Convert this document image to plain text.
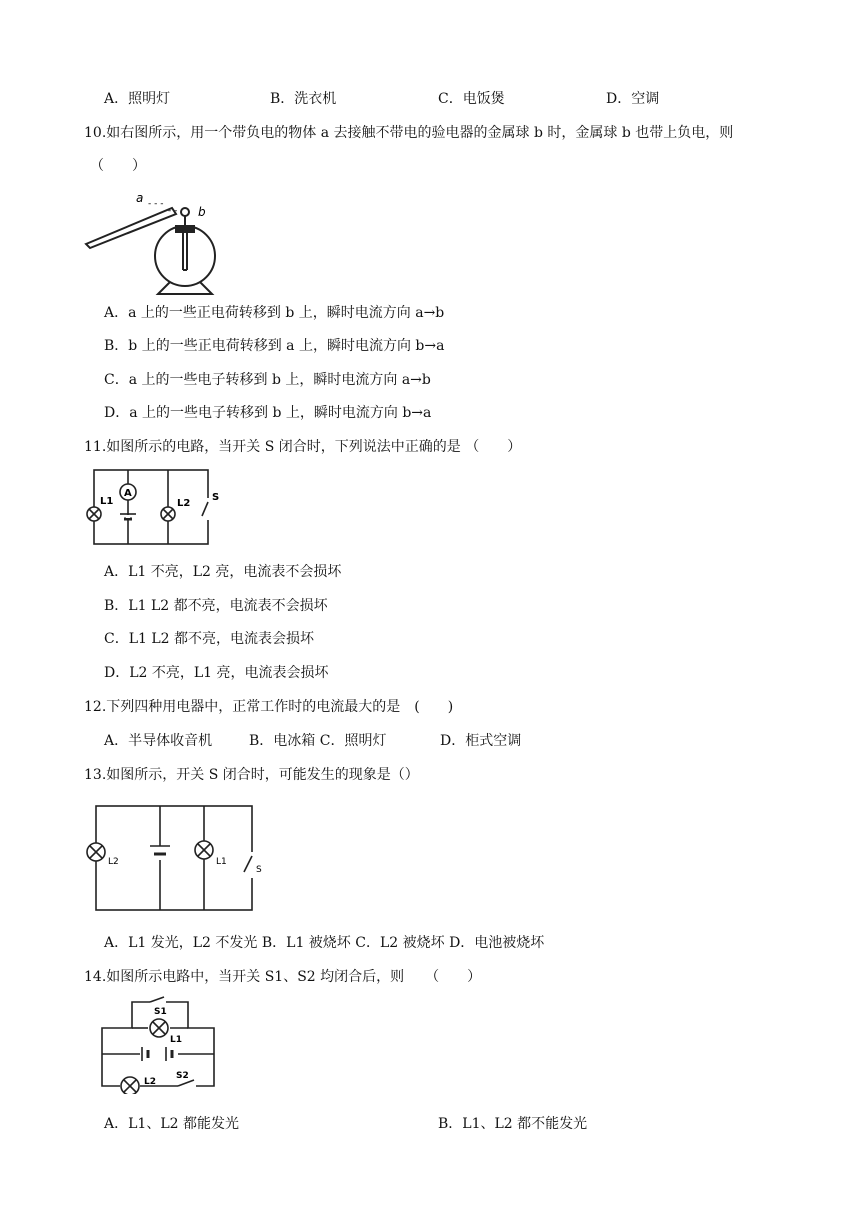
A．照明灯	B．洗衣机	C．电饭煲	D．空调
10.如右图所示，用一个带负电的物体 a 去接触不带电的验电器的金属球 b 时，金属球 b 也带上负电，则
（　　）
a - - -
- - b
A．a 上的一些正电荷转移到 b 上，瞬时电流方向 a→b
B．b 上的一些正电荷转移到 a 上，瞬时电流方向 b→a
C．a 上的一些电子转移到 b 上，瞬时电流方向 a→b
D．a 上的一些电子转移到 b 上，瞬时电流方向 b→a
11.如图所示的电路，当开关 S 闭合时，下列说法中正确的是 （　　）
L1
A
L2
S
A．L1 不亮，L2 亮，电流表不会损坏
B．L1 L2 都不亮，电流表不会损坏
C．L1 L2 都不亮，电流表会损坏
D．L2 不亮，L1 亮，电流表会损坏
12.下列四种用电器中，正常工作时的电流最大的是　(　　)
A．半导体收音机	B．电冰箱 C．照明灯	D．柜式空调
13.如图所示，开关 S 闭合时，可能发生的现象是（）
L2	L1
S
A．L1 发光，L2 不发光 B．L1 被烧坏 C．L2 被烧坏 D．电池被烧坏
14.如图所示电路中，当开关 S1、S2 均闭合后，则　　（　　）
S1
L1
L2
S2
A．L1、L2 都能发光	B．L1、L2 都不能发光
